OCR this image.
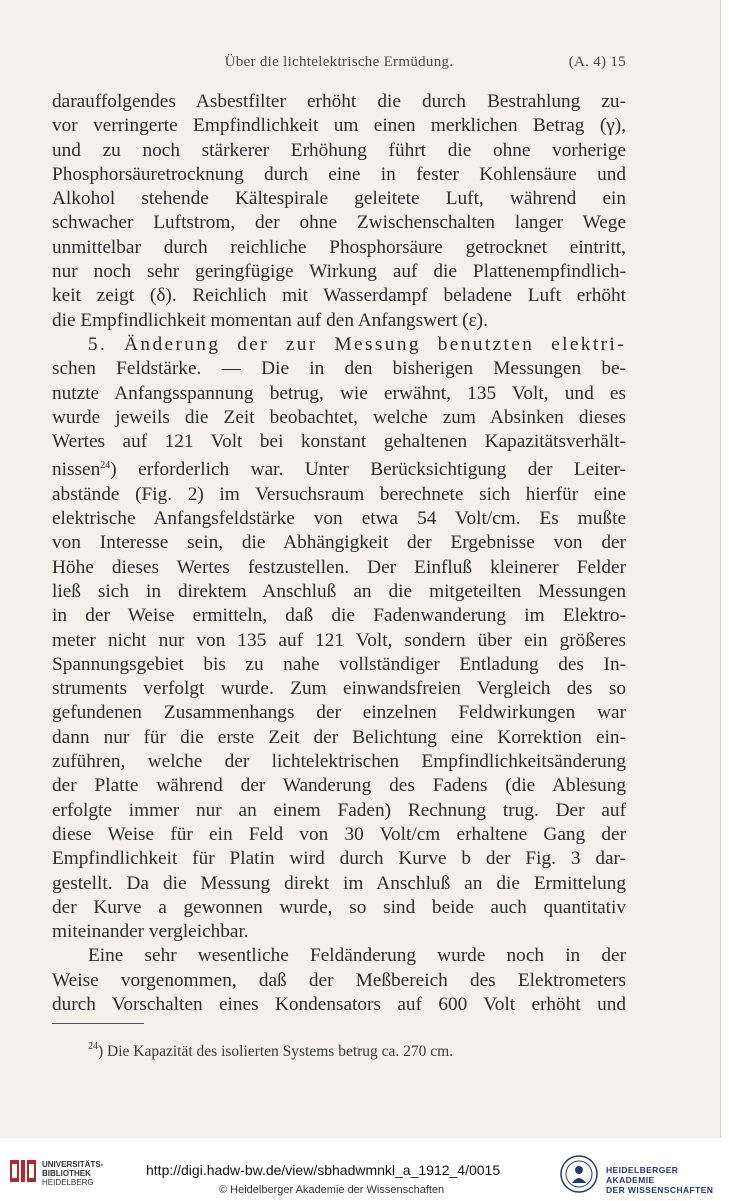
Über die lichtelektrische Ermüdung.	(A. 4) 15
darauffolgendes Asbestfilter erhöht die durch Bestrahlung zu-
vor verringerte Empfindlichkeit um einen merklichen Betrag (γ),
und zu noch stärkerer Erhöhung führt die ohne vorherige
Phosphorsäuretrocknung durch eine in fester Kohlensäure und
Alkohol stehende Kältespirale geleitete Luft, während ein
schwacher Luftstrom, der ohne Zwischenschalten langer Wege
unmittelbar durch reichliche Phosphorsäure getrocknet eintritt,
nur noch sehr geringfügige Wirkung auf die Plattenempfindlich-
keit zeigt (δ). Reichlich mit Wasserdampf beladene Luft erhöht
die Empfindlichkeit momentan auf den Anfangswert (ε).
5. Änderung der zur Messung benutzten elektri-
schen Feldstärke. — Die in den bisherigen Messungen be-
nutzte Anfangsspannung betrug, wie erwähnt, 135 Volt, und es
wurde jeweils die Zeit beobachtet, welche zum Absinken dieses
Wertes auf 121 Volt bei konstant gehaltenen Kapazitätsverhält-
nissen$^{24}$) erforderlich war. Unter Berücksichtigung der Leiter-
abstände (Fig. 2) im Versuchsraum berechnete sich hierfür eine
elektrische Anfangsfeldstärke von etwa 54 Volt/cm. Es mußte
von Interesse sein, die Abhängigkeit der Ergebnisse von der
Höhe dieses Wertes festzustellen. Der Einfluß kleinerer Felder
ließ sich in direktem Anschluß an die mitgeteilten Messungen
in der Weise ermitteln, daß die Fadenwanderung im Elektro-
meter nicht nur von 135 auf 121 Volt, sondern über ein größeres
Spannungsgebiet bis zu nahe vollständiger Entladung des In-
struments verfolgt wurde. Zum einwandsfreien Vergleich des so
gefundenen Zusammenhangs der einzelnen Feldwirkungen war
dann nur für die erste Zeit der Belichtung eine Korrektion ein-
zuführen, welche der lichtelektrischen Empfindlichkeitsänderung
der Platte während der Wanderung des Fadens (die Ablesung
erfolgte immer nur an einem Faden) Rechnung trug. Der auf
diese Weise für ein Feld von 30 Volt/cm erhaltene Gang der
Empfindlichkeit für Platin wird durch Kurve b der Fig. 3 dar-
gestellt. Da die Messung direkt im Anschluß an die Ermittelung
der Kurve a gewonnen wurde, so sind beide auch quantitativ
miteinander vergleichbar.
Eine sehr wesentliche Feldänderung wurde noch in der
Weise vorgenommen, daß der Meßbereich des Elektrometers
durch Vorschalten eines Kondensators auf 600 Volt erhöht und
$^{24}$) Die Kapazität des isolierten Systems betrug ca. 270 cm.
UNIVERSITÄTS-
BIBLIOTHEK
HEIDELBERG
http://digi.hadw-bw.de/view/sbhadwmnkl_a_1912_4/0015
© Heidelberger Akademie der Wissenschaften
HEIDELBERGER AKADEMIE
DER WISSENSCHAFTEN
